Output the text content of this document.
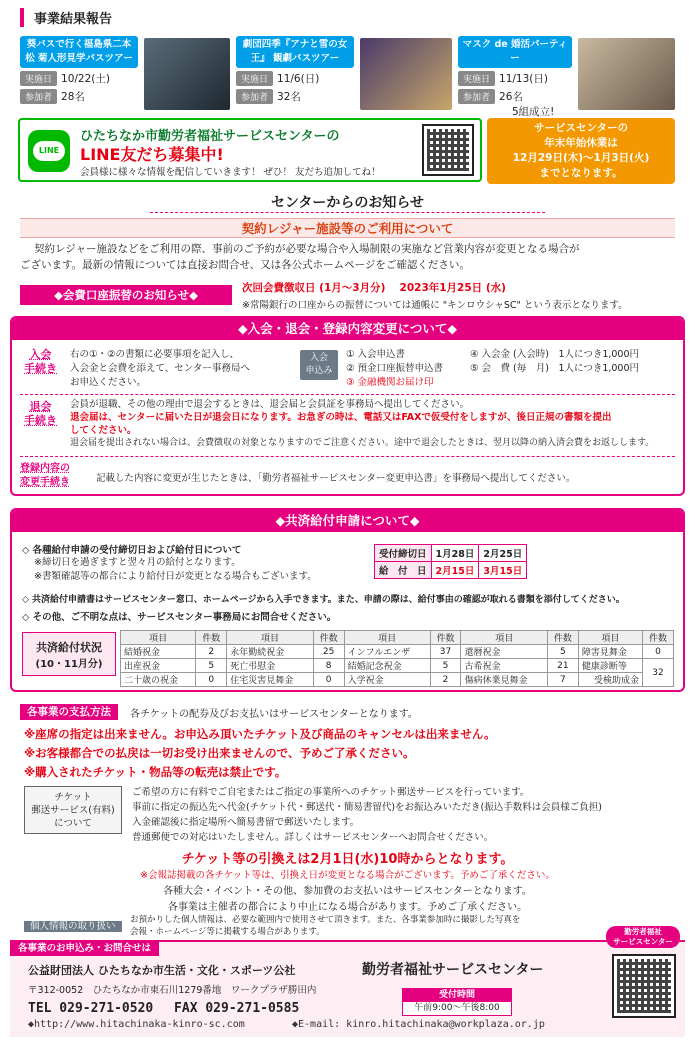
事業結果報告
葵バスで行く福島県二本松 菊人形見学バスツアー
実施日 10/22(土)
参加者 28名
劇団四季『アナと雪の女王』 観劇バスツアー
実施日 11/6(日)
参加者 32名
マスク de 婚活パーティー
実施日 11/13(日)
参加者 26名
5組成立!
LINE
ひたちなか市勤労者福祉サービスセンターの
LINE友だち募集中!
会員様に様々な情報を配信していきます！ ぜひ！ 友だち追加してね！
サービスセンターの
年末年始休業は
12月29日(木)～1月3日(火)
までとなります。
センターからのお知らせ
契約レジャー施設等のご利用について
契約レジャー施設などをご利用の際、事前のご予約が必要な場合や入場制限の実施など営業内容が変更となる場合が
ございます。最新の情報については直接お問合せ、又は各公式ホームページをご確認ください。
◆会費口座振替のお知らせ◆	次回会費徴収日 (1月～3月分)　 2023年1月25日 (水)
※常陽銀行の口座からの振替については通帳に "キンロウシャSC" という表示となります。
◆入会・退会・登録内容変更について◆
入会
手続き
右の①・②の書類に必要事項を記入し、
入会金と会費を添えて、センター事務局へ
お申込ください。
入会
申込み
① 入会申込書
② 預金口座振替申込書
③ 金融機関お届け印
④ 入会金 (入会時)　1人につき1,000円
⑤ 会　費 (毎　月)　1人につき1,000円
退会
手続き
会員が退職、その他の理由で退会するときは、退会届と会員証を事務局へ提出してください。
退会届は、センターに届いた日が退会日になります。お急ぎの時は、電話又はFAXで仮受付をしますが、後日正規の書類を提出
してください。
退会届を提出されない場合は、会費徴収の対象となりますのでご注意ください。途中で退会したときは、翌月以降の納入済会費をお返しします。
登録内容の
変更手続き	記載した内容に変更が生じたときは、「勤労者福祉サービスセンター変更申込書」を事務局へ提出してください。
◆共済給付申請について◆
◇ 各種給付申請の受付締切日および給付日について
※締切日を過ぎますと翌々月の給付となります。
※書類確認等の都合により給付日が変更となる場合もございます。
受付締切日	1月28日	2月25日
給　付　日	2月15日	3月15日
◇ 共済給付申請書はサービスセンター窓口、ホームページから入手できます。また、申請の際は、給付事由の確認が取れる書類を添付してください。
◇ その他、ご不明な点は、サービスセンター事務局にお問合せください。
共済給付状況
(10・11月分)
項目	件数	項目	件数	項目	件数	項目	件数	項目	件数
結婚祝金	2	永年勤続祝金	25	インフルエンザ	37	還暦祝金	5	障害見舞金	0
出産祝金	5	死亡弔慰金	8	結婚記念祝金	5	古希祝金	21	健康診断等	32
二十歳の祝金	0	住宅災害見舞金	0	入学祝金	2	傷病休業見舞金	7	受検助成金	
各事業の支払方法	各チケットの配券及びお支払いはサービスセンターとなります。
※座席の指定は出来ません。お申込み頂いたチケット及び商品のキャンセルは出来ません。
※お客様都合での払戻は一切お受け出来ませんので、予めご了承ください。
※購入されたチケット・物品等の転売は禁止です。
チケット
郵送サービス(有料)
について
ご希望の方に有料でご自宅またはご指定の事業所へのチケット郵送サービスを行っています。
事前に指定の振込先へ代金(チケット代・郵送代・簡易書留代)をお振込みいただき(振込手数料は会員様ご負担)
入金確認後に指定場所へ簡易書留で郵送いたします。
普通郵便での対応はいたしません。詳しくはサービスセンターへお問合せください。
チケット等の引換えは2月1日(水)10時からとなります。
※会報誌掲載の各チケット等は、引換え日が変更となる場合がございます。予めご了承ください。
各種大会・イベント・その他、参加費のお支払いはサービスセンターとなります。
各事業は主催者の都合により中止になる場合があります。予めご了承ください。
個人情報の取り扱い
お預かりした個人情報は、必要な範囲内で使用させて頂きます。また、各事業参加時に撮影した写真を
会報・ホームページ等に掲載する場合があります。
各事業のお申込み・お問合せは
公益財団法人 ひたちなか市生活・文化・スポーツ公社	勤労者福祉サービスセンター
〒312-0052　ひたちなか市東石川1279番地　ワークプラザ勝田内
TEL 029-271-0520　 FAX 029-271-0585
受付時間
午前9:00～午後8:00
◆http://www.hitachinaka-kinro-sc.com	◆E-mail: kinro.hitachinaka@workplaza.or.jp
勤労者福祉
サービスセンター
